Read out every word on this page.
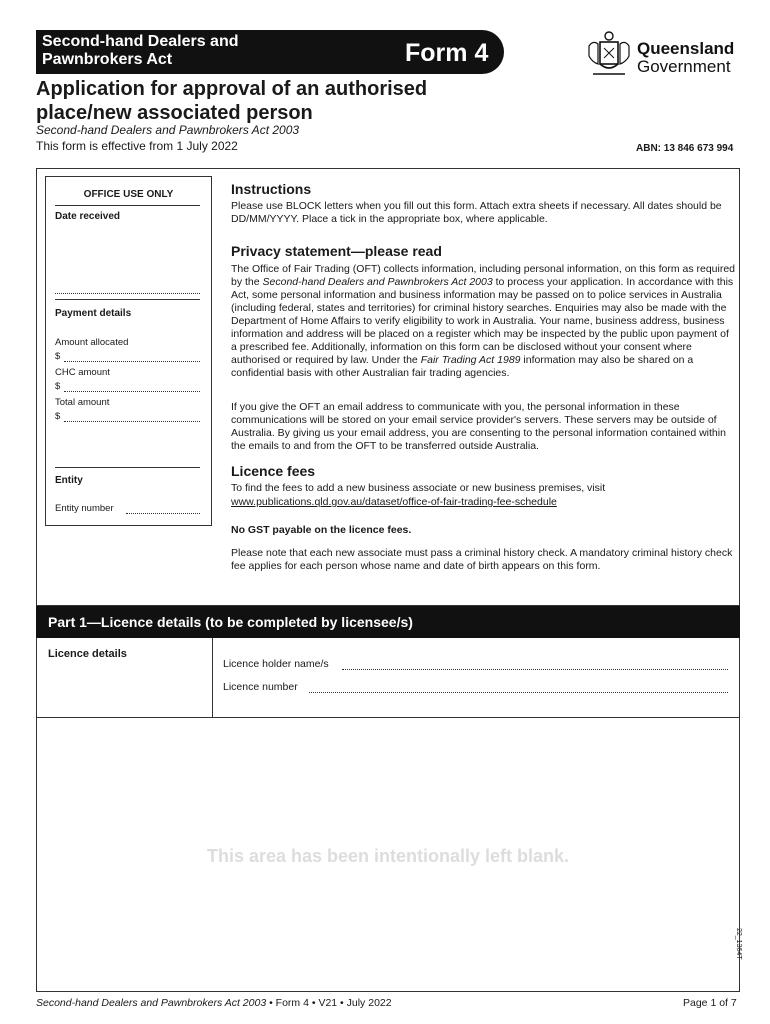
Second-hand Dealers and Pawnbrokers Act	Form 4	Queensland
Government
Application for approval of an authorised place/new associated person
Second-hand Dealers and Pawnbrokers Act 2003
This form is effective from 1 July 2022	ABN: 13 846 673 994
OFFICE USE ONLY
Date received
Payment details
Amount allocated
$
CHC amount
$
Total amount
$
Entity
Entity number
Instructions
Please use BLOCK letters when you fill out this form. Attach extra sheets if necessary. All dates should be DD/MM/YYYY. Place a tick in the appropriate box, where applicable.
Privacy statement—please read
The Office of Fair Trading (OFT) collects information, including personal information, on this form as required by the Second-hand Dealers and Pawnbrokers Act 2003 to process your application. In accordance with this Act, some personal information and business information may be passed on to police services in Australia (including federal, states and territories) for criminal history searches. Enquiries may also be made with the Department of Home Affairs to verify eligibility to work in Australia. Your name, business address, business information and address will be placed on a register which may be inspected by the public upon payment of a prescribed fee. Additionally, information on this form can be disclosed without your consent where authorised or required by law. Under the Fair Trading Act 1989 information may also be shared on a confidential basis with other Australian fair trading agencies.
If you give the OFT an email address to communicate with you, the personal information in these communications will be stored on your email service provider's servers. These servers may be outside of Australia. By giving us your email address, you are consenting to the personal information contained within the emails to and from the OFT to be transferred outside Australia.
Licence fees
To find the fees to add a new business associate or new business premises, visit
www.publications.qld.gov.au/dataset/office-of-fair-trading-fee-schedule
No GST payable on the licence fees.
Please note that each new associate must pass a criminal history check. A mandatory criminal history check fee applies for each person whose name and date of birth appears on this form.
Part 1—Licence details (to be completed by licensee/s)
Licence details
Licence holder name/s
Licence number
This area has been intentionally left blank.
22_1364T
Second-hand Dealers and Pawnbrokers Act 2003 • Form 4 • V21 • July 2022	Page 1 of 7
